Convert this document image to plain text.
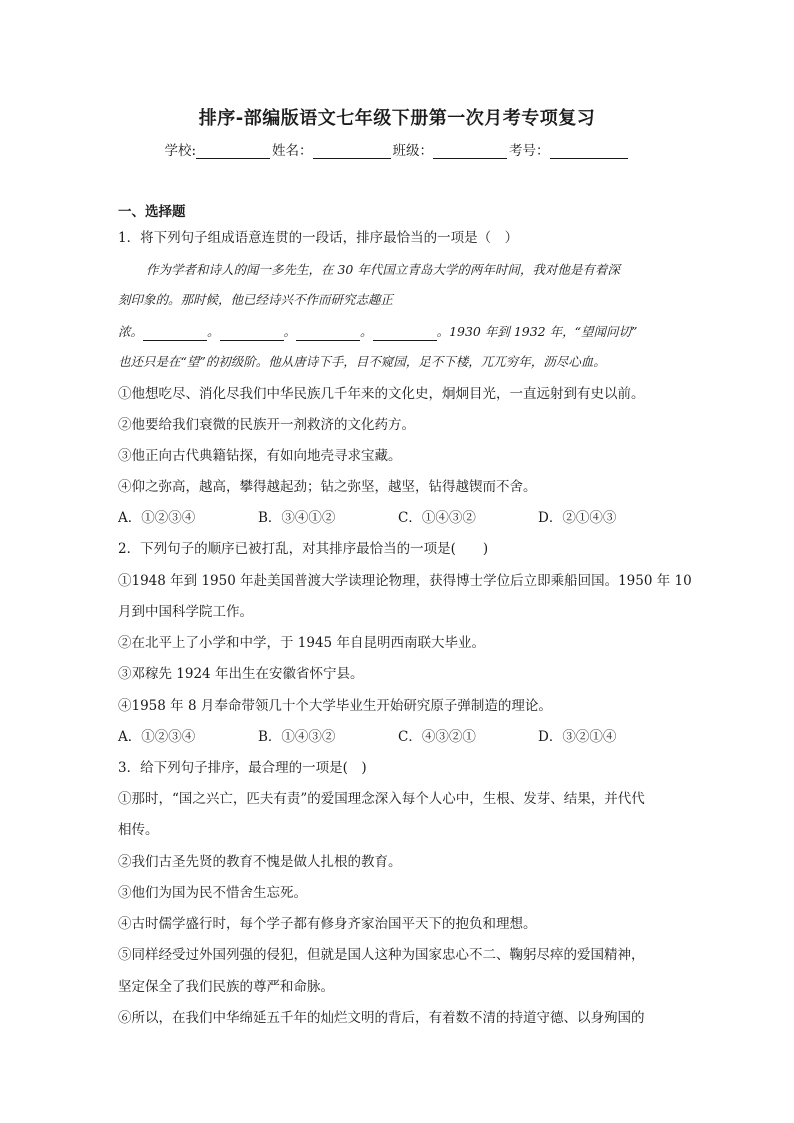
排序-部编版语文七年级下册第一次月考专项复习
学校:	姓名：	班级：	考号：
一、选择题
1．将下列句子组成语意连贯的一段话，排序最恰当的一项是（　）
作为学者和诗人的闻一多先生，在 30 年代国立青岛大学的两年时间，我对他是有着深
刻印象的。那时候，他已经诗兴不作而研究志趣正
浓。	。	。	。	。1930 年到 1932 年，“望闻问切”
也还只是在“望”的初级阶。他从唐诗下手，目不窥园，足不下楼，兀兀穷年，沥尽心血。
①他想吃尽、消化尽我们中华民族几千年来的文化史，炯炯目光，一直远射到有史以前。
②他要给我们衰微的民族开一剂救济的文化药方。
③他正向古代典籍钻探，有如向地壳寻求宝藏。
④仰之弥高，越高，攀得越起劲；钻之弥坚，越坚，钻得越锲而不舍。
A．①②③④	B．③④①②	C．①④③②	D．②①④③
2．下列句子的顺序已被打乱，对其排序最恰当的一项是(　　)
①1948 年到 1950 年赴美国普渡大学读理论物理，获得博士学位后立即乘船回国。1950 年 10
月到中国科学院工作。
②在北平上了小学和中学，于 1945 年自昆明西南联大毕业。
③邓稼先 1924 年出生在安徽省怀宁县。
④1958 年 8 月奉命带领几十个大学毕业生开始研究原子弹制造的理论。
A．①②③④	B．①④③②	C．④③②①	D．③②①④
3．给下列句子排序，最合理的一项是(　)
①那时，“国之兴亡，匹夫有责”的爱国理念深入每个人心中，生根、发芽、结果，并代代
相传。
②我们古圣先贤的教育不愧是做人扎根的教育。
③他们为国为民不惜舍生忘死。
④古时儒学盛行时，每个学子都有修身齐家治国平天下的抱负和理想。
⑤同样经受过外国列强的侵犯，但就是国人这种为国家忠心不二、鞠躬尽瘁的爱国精神，
坚定保全了我们民族的尊严和命脉。
⑥所以，在我们中华绵延五千年的灿烂文明的背后，有着数不清的持道守德、以身殉国的
